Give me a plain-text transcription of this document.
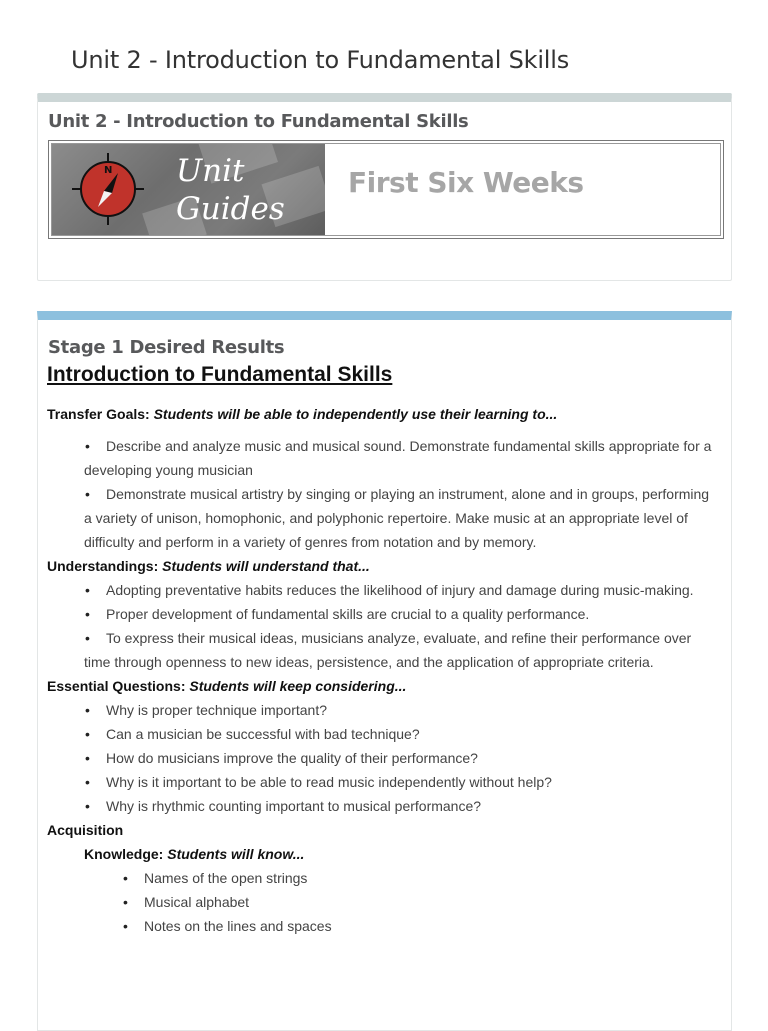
Unit 2 - Introduction to Fundamental Skills
Unit 2 - Introduction to Fundamental Skills
N Unit
Guides
First Six Weeks
Stage 1 Desired Results
Introduction to Fundamental Skills

Transfer Goals: Students will be able to independently use their learning to...

• Describe and analyze music and musical sound. Demonstrate fundamental skills appropriate for a developing young musician
• Demonstrate musical artistry by singing or playing an instrument, alone and in groups, performing a variety of unison, homophonic, and polyphonic repertoire. Make music at an appropriate level of difficulty and perform in a variety of genres from notation and by memory.

Understandings: Students will understand that...

• Adopting preventative habits reduces the likelihood of injury and damage during music-making.
• Proper development of fundamental skills are crucial to a quality performance.
• To express their musical ideas, musicians analyze, evaluate, and refine their performance over time through openness to new ideas, persistence, and the application of appropriate criteria.

Essential Questions: Students will keep considering...

• Why is proper technique important?
• Can a musician be successful with bad technique?
• How do musicians improve the quality of their performance?
• Why is it important to be able to read music independently without help?
• Why is rhythmic counting important to musical performance?

Acquisition

Knowledge: Students will know...

• Names of the open strings
• Musical alphabet
• Notes on the lines and spaces
